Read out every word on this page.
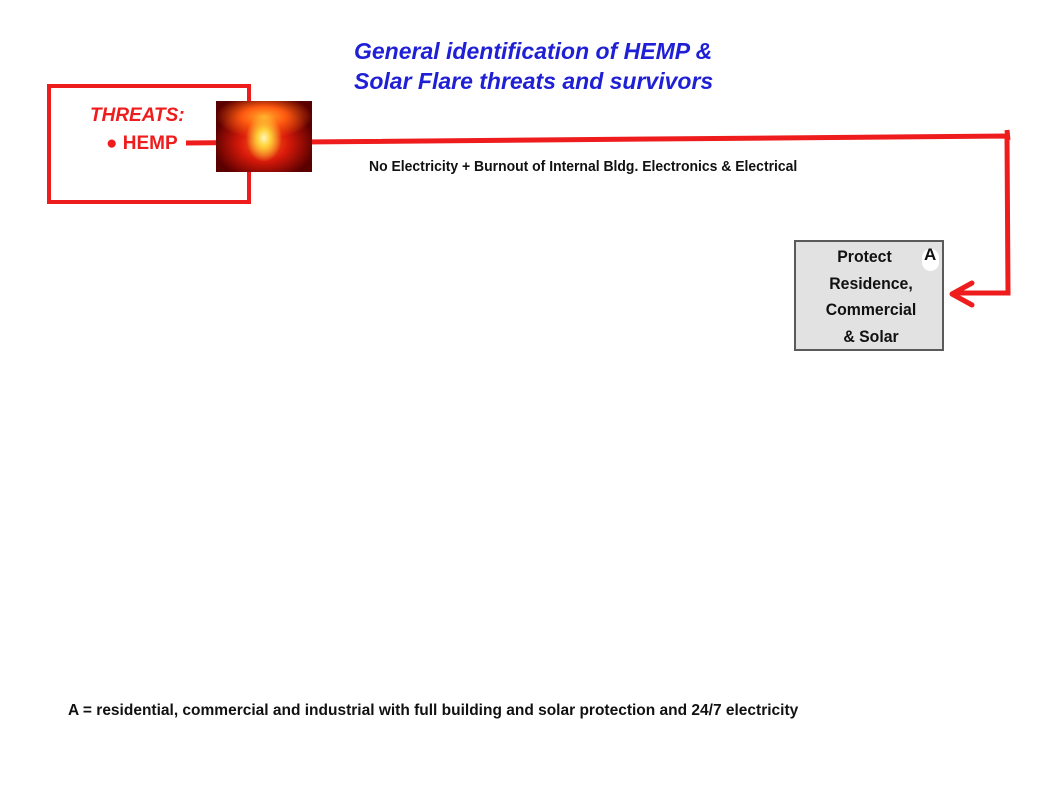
General identification of HEMP &
Solar Flare threats and survivors
THREATS:
● HEMP
No Electricity + Burnout of Internal Bldg. Electronics & Electrical
Protect
Residence,
Commercial
& Solar
A
A = residential, commercial and industrial with full building and solar protection and 24/7 electricity
